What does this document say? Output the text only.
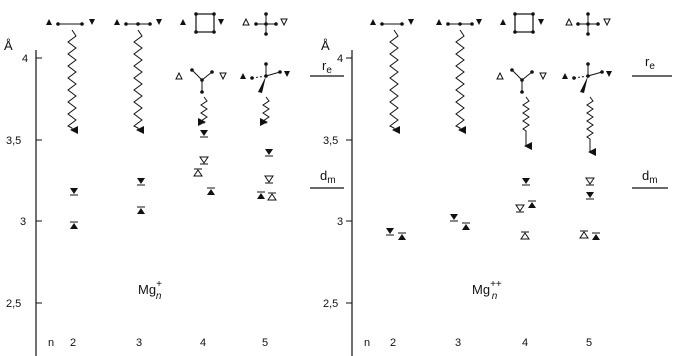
Å
4
3,5
3
2,5
n 2	3	4	5
Mg+ n
$r_e$
$d_m$
Å
4
3,5
3
2,5
n 2	3	4	5
Mg++ n
$r_e$
$d_m$
